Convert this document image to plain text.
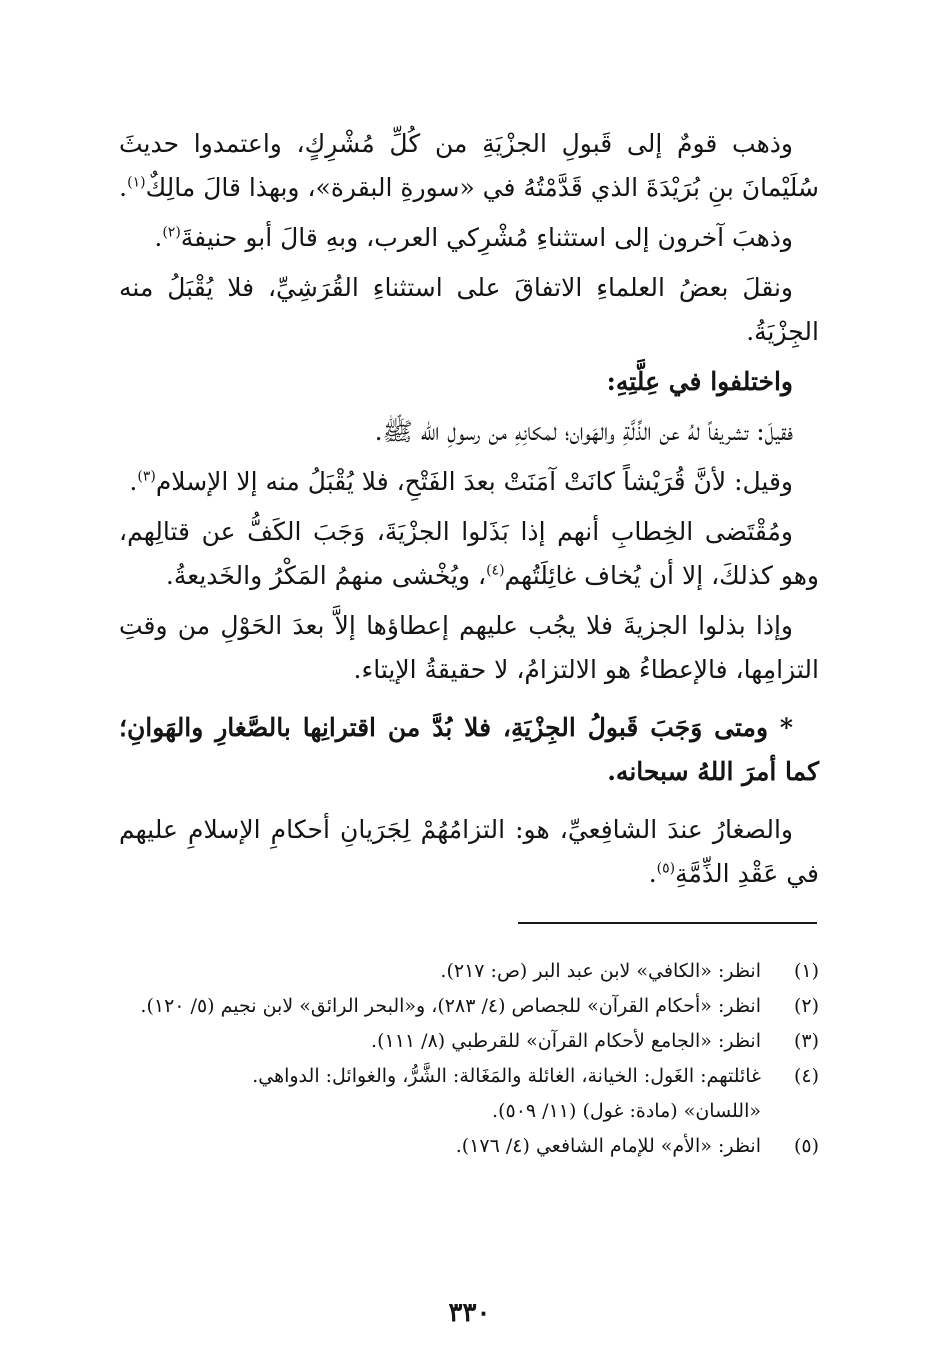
وذهب قومٌ إلى قَبولِ الجزْيَةِ من كُلِّ مُشْرِكٍ، واعتمدوا حديثَ سُلَيْمانَ بنِ بُرَيْدَةَ الذي قَدَّمْتُهُ في «سورةِ البقرة»، وبهذا قالَ مالِكٌ$^{(١)}$.

وذهبَ آخرون إلى استثناءِ مُشْرِكي العرب، وبهِ قالَ أبو حنيفةَ$^{(٢)}$.

ونقلَ بعضُ العلماءِ الاتفاقَ على استثناءِ القُرَشِيِّ، فلا يُقْبَلُ منه الجِزْيَةُ.

واختلفوا في عِلَّتِهِ:

فقيلَ: تشريفاً لهُ عن الذِّلَّةِ والهَوان؛ لمكانِهِ من رسولِ الله ﷺ.

وقيل: لأنَّ قُرَيْشاً كانَتْ آمَنَتْ بعدَ الفَتْحِ، فلا يُقْبَلُ منه إلا الإسلام$^{(٣)}$.

ومُقْتَضى الخِطابِ أنهم إذا بَذَلوا الجزْيَةَ، وَجَبَ الكَفُّ عن قتالِهم، وهو كذلكَ، إلا أن يُخاف غائِلَتُهم$^{(٤)}$، ويُخْشى منهمُ المَكْرُ والخَديعةُ.

وإذا بذلوا الجزيةَ فلا يجُب عليهم إعطاؤها إلاَّ بعدَ الحَوْلِ من وقتِ التزامِها، فالإعطاءُ هو الالتزامُ، لا حقيقةُ الإيتاء.

* ومتى وَجَبَ قَبولُ الجِزْيَةِ، فلا بُدَّ من اقترانِها بالصَّغارِ والهَوانِ؛ كما أمرَ اللهُ سبحانه.

والصغارُ عندَ الشافِعيِّ، هو: التزامُهُمْ لِجَرَيانِ أحكامِ الإسلامِ عليهم في عَقْدِ الذِّمَّةِ$^{(٥)}$.

(١)
انظر: «الكافي» لابن عبد البر (ص: ٢١٧).
(٢)
انظر: «أحكام القرآن» للجصاص (٤/ ٢٨٣)، و«البحر الرائق» لابن نجيم (٥/ ١٢٠).
(٣)
انظر: «الجامع لأحكام القرآن» للقرطبي (٨/ ١١١).
(٤)
غائلتهم: الغَول: الخيانة، الغائلة والمَغَالة: الشَّرُّ، والغوائل: الدواهي.
«اللسان» (مادة: غول) (١١/ ٥٠٩).
(٥)
انظر: «الأم» للإمام الشافعي (٤/ ١٧٦).
٣٣٠
